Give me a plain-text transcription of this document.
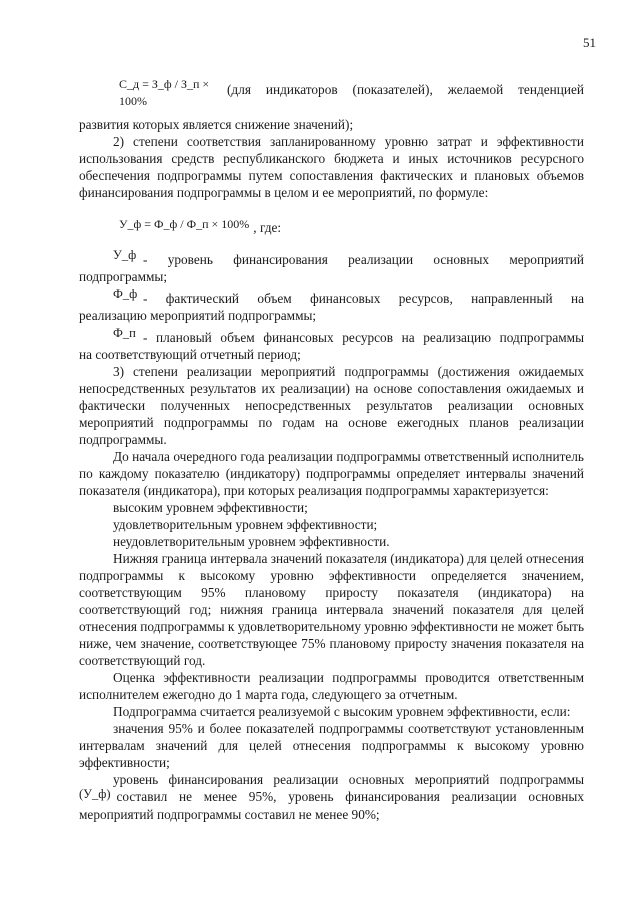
51
С_д = З_ф / З_п × 100%
(для индикаторов (показателей), желаемой тенденцией

развития которых является снижение значений);

2) степени соответствия запланированному уровню затрат и эффективности использования средств республиканского бюджета и иных источников ресурсного обеспечения подпрограммы путем сопоставления фактических и плановых объемов финансирования подпрограммы в целом и ее мероприятий, по формуле:

У_ф = Ф_ф / Ф_п × 100% , где:
У_ф - уровень финансирования реализации основных мероприятий

подпрограммы;

Ф_ф - фактический объем финансовых ресурсов, направленный на

реализацию мероприятий подпрограммы;

Ф_п - плановый объем финансовых ресурсов на реализацию подпрограммы

на соответствующий отчетный период;

3) степени реализации мероприятий подпрограммы (достижения ожидаемых непосредственных результатов их реализации) на основе сопоставления ожидаемых и фактически полученных непосредственных результатов реализации основных мероприятий подпрограммы по годам на основе ежегодных планов реализации подпрограммы.

До начала очередного года реализации подпрограммы ответственный исполнитель по каждому показателю (индикатору) подпрограммы определяет интервалы значений показателя (индикатора), при которых реализация подпрограммы характеризуется:

высоким уровнем эффективности;

удовлетворительным уровнем эффективности;

неудовлетворительным уровнем эффективности.

Нижняя граница интервала значений показателя (индикатора) для целей отнесения подпрограммы к высокому уровню эффективности определяется значением, соответствующим 95% плановому приросту показателя (индикатора) на соответствующий год; нижняя граница интервала значений показателя для целей отнесения подпрограммы к удовлетворительному уровню эффективности не может быть ниже, чем значение, соответствующее 75% плановому приросту значения показателя на соответствующий год.

Оценка эффективности реализации подпрограммы проводится ответственным исполнителем ежегодно до 1 марта года, следующего за отчетным.

Подпрограмма считается реализуемой с высоким уровнем эффективности, если:

значения 95% и более показателей подпрограммы соответствуют установленным интервалам значений для целей отнесения подпрограммы к высокому уровню эффективности;

уровень финансирования реализации основных мероприятий подпрограммы

(У_ф) составил не менее 95%, уровень финансирования реализации основных

мероприятий подпрограммы составил не менее 90%;
